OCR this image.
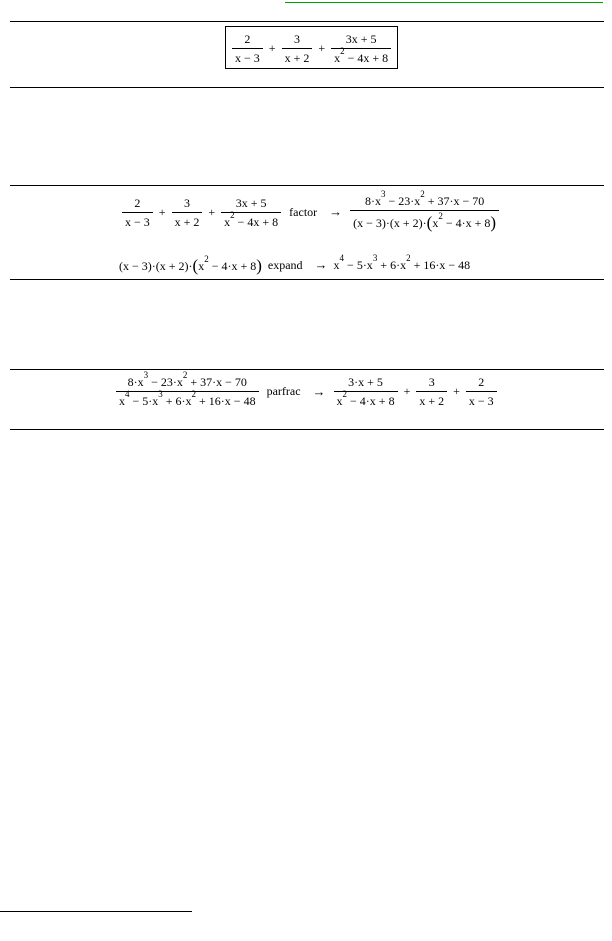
$\frac{2}{x - 3} + \frac{3}{x + 2} + \frac{3x + 5}{x^2 - 4x + 8}$
$\frac{2}{x - 3} + \frac{3}{x + 2} + \frac{3x + 5}{x^2 - 4x + 8}$ factor → $\frac{8\cdot x^3 - 23\cdot x^2 + 37\cdot x - 70}{(x - 3)\cdot(x + 2)\cdot(x^2 - 4\cdot x + 8)}$
$(x - 3)\cdot(x + 2)\cdot(x^2 - 4\cdot x + 8)$ expand → $x^4 - 5\cdot x^3 + 6\cdot x^2 + 16\cdot x - 48$
$\frac{8\cdot x^3 - 23\cdot x^2 + 37\cdot x - 70}{x^4 - 5\cdot x^3 + 6\cdot x^2 + 16\cdot x - 48}$ parfrac → $\frac{3\cdot x + 5}{x^2 - 4\cdot x + 8} + \frac{3}{x + 2} + \frac{2}{x - 3}$
